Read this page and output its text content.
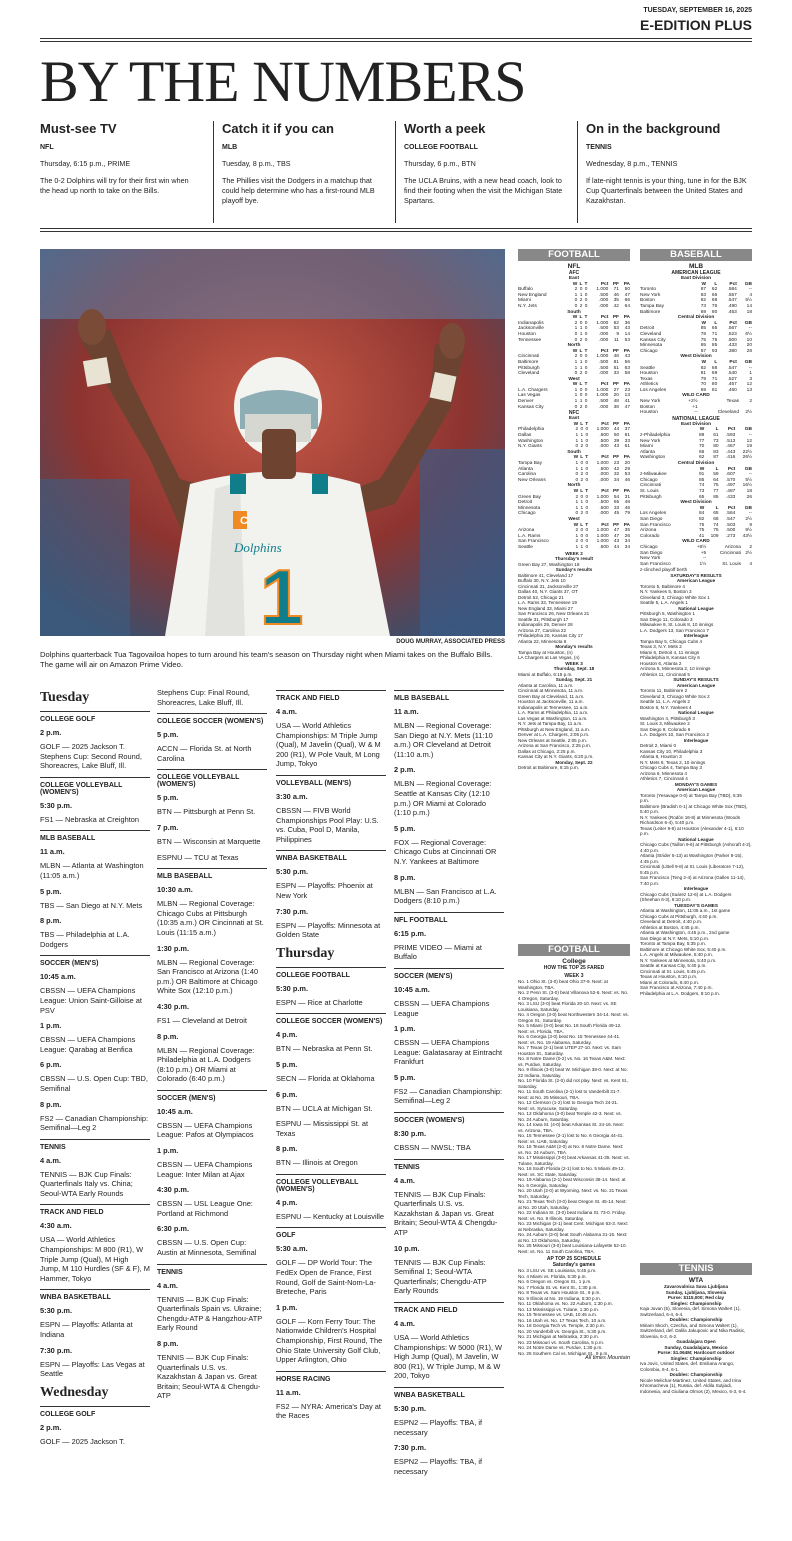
TUESDAY, SEPTEMBER 16, 2025
E-EDITION PLUS
BY THE NUMBERS
Must-see TV
NFL
Thursday, 6:15 p.m., PRIME

The 0-2 Dolphins will try for their first win when the head up north to take on the Bills.

Catch it if you can
MLB
Tuesday, 8 p.m., TBS

The Phillies visit the Dodgers in a matchup that could help determine who has a first-round MLB playoff bye.

Worth a peek
COLLEGE FOOTBALL
Thursday, 6 p.m., BTN

The UCLA Bruins, with a new head coach, look to find their footing when the visit the Michigan State Spartans.

On in the background
TENNIS
Wednesday, 8 p.m., TENNIS

If late-night tennis is your thing, tune in for the BJK Cup Quarterfinals between the United States and Kazakhstan.

C
Dolphins
1
DOUG MURRAY, ASSOCIATED PRESS
Dolphins quarterback Tua Tagovailoa hopes to turn around his team's season on Thursday night when Miami takes on the Buffalo Bills. The game will air on Amazon Prime Video.
Tuesday
COLLEGE GOLF
2 p.m.
GOLF — 2025 Jackson T. Stephens Cup: Second Round, Shoreacres, Lake Bluff, Ill.
COLLEGE VOLLEYBALL (WOMEN'S)
5:30 p.m.
FS1 — Nebraska at Creighton
MLB BASEBALL
11 a.m.
MLBN — Atlanta at Washington (11:05 a.m.)
5 p.m.
TBS — San Diego at N.Y. Mets
8 p.m.
TBS — Philadelphia at L.A. Dodgers
SOCCER (MEN'S)
10:45 a.m.
CBSSN — UEFA Champions League: Union Saint-Gilloise at PSV
1 p.m.
CBSSN — UEFA Champions League: Qarabag at Benfica
6 p.m.
CBSSN — U.S. Open Cup: TBD, Semifinal
8 p.m.
FS2 — Canadian Championship: Semifinal—Leg 2
TENNIS
4 a.m.
TENNIS — BJK Cup Finals: Quarterfinals Italy vs. China; Seoul-WTA Early Rounds
TRACK AND FIELD
4:30 a.m.
USA — World Athletics Championships: M 800 (R1), W Triple Jump (Qual), M High Jump, M 110 Hurdles (SF & F), M Hammer, Tokyo
WNBA BASKETBALL
5:30 p.m.
ESPN — Playoffs: Atlanta at Indiana
7:30 p.m.
ESPN — Playoffs: Las Vegas at Seattle
Wednesday
COLLEGE GOLF
2 p.m.
GOLF — 2025 Jackson T.
Stephens Cup: Final Round, Shoreacres, Lake Bluff, Ill.
COLLEGE SOCCER (WOMEN'S)
5 p.m.
ACCN — Florida St. at North Carolina
COLLEGE VOLLEYBALL (WOMEN'S)
5 p.m.
BTN — Pittsburgh at Penn St.
7 p.m.
BTN — Wisconsin at Marquette
ESPNU — TCU at Texas
MLB BASEBALL
10:30 a.m.
MLBN — Regional Coverage: Chicago Cubs at Pittsburgh (10:35 a.m.) OR Cincinnati at St. Louis (11:15 a.m.)
1:30 p.m.
MLBN — Regional Coverage: San Francisco at Arizona (1:40 p.m.) OR Baltimore at Chicago White Sox (12:10 p.m.)
4:30 p.m.
FS1 — Cleveland at Detroit
8 p.m.
MLBN — Regional Coverage: Philadelphia at L.A. Dodgers (8:10 p.m.) OR Miami at Colorado (6:40 p.m.)
SOCCER (MEN'S)
10:45 a.m.
CBSSN — UEFA Champions League: Pafos at Olympiacos
1 p.m.
CBSSN — UEFA Champions League: Inter Milan at Ajax
4:30 p.m.
CBSSN — USL League One: Portland at Richmond
6:30 p.m.
CBSSN — U.S. Open Cup: Austin at Minnesota, Semifinal
TENNIS
4 a.m.
TENNIS — BJK Cup Finals: Quarterfinals Spain vs. Ukraine; Chengdu-ATP & Hangzhou-ATP Early Round
8 p.m.
TENNIS — BJK Cup Finals: Quarterfinals U.S. vs. Kazakhstan & Japan vs. Great Britain; Seoul-WTA & Chengdu-ATP
TRACK AND FIELD
4 a.m.
USA — World Athletics Championships: M Triple Jump (Qual), M Javelin (Qual), W & M 200 (R1), W Pole Vault, M Long Jump, Tokyo
VOLLEYBALL (MEN'S)
3:30 a.m.
CBSSN — FIVB World Championships Pool Play: U.S. vs. Cuba, Pool D, Manila, Philippines
WNBA BASKETBALL
5:30 p.m.
ESPN — Playoffs: Phoenix at New York
7:30 p.m.
ESPN — Playoffs: Minnesota at Golden State
Thursday
COLLEGE FOOTBALL
5:30 p.m.
ESPN — Rice at Charlotte
COLLEGE SOCCER (WOMEN'S)
4 p.m.
BTN — Nebraska at Penn St.
5 p.m.
SECN — Florida at Oklahoma
6 p.m.
BTN — UCLA at Michigan St.
ESPNU — Mississippi St. at Texas
8 p.m.
BTN — Illinois at Oregon
COLLEGE VOLLEYBALL (WOMEN'S)
4 p.m.
ESPNU — Kentucky at Louisville
GOLF
5:30 a.m.
GOLF — DP World Tour: The FedEx Open de France, First Round, Golf de Saint-Nom-La-Breteche, Paris
1 p.m.
GOLF — Korn Ferry Tour: The Nationwide Children's Hospital Championship, First Round, The Ohio State University Golf Club, Upper Arlington, Ohio
HORSE RACING
11 a.m.
FS2 — NYRA: America's Day at the Races
MLB BASEBALL
11 a.m.
MLBN — Regional Coverage: San Diego at N.Y. Mets (11:10 a.m.) OR Cleveland at Detroit (11:10 a.m.)
2 p.m.
MLBN — Regional Coverage: Seattle at Kansas City (12:10 p.m.) OR Miami at Colorado (1:10 p.m.)
5 p.m.
FOX — Regional Coverage: Chicago Cubs at Cincinnati OR N.Y. Yankees at Baltimore
8 p.m.
MLBN — San Francisco at L.A. Dodgers (8:10 p.m.)
NFL FOOTBALL
6:15 p.m.
PRIME VIDEO — Miami at Buffalo
SOCCER (MEN'S)
10:45 a.m.
CBSSN — UEFA Champions League
1 p.m.
CBSSN — UEFA Champions League: Galatasaray at Eintracht Frankfurt
5 p.m.
FS2 — Canadian Championship: Semifinal—Leg 2
SOCCER (WOMEN'S)
8:30 p.m.
CBSSN — NWSL: TBA
TENNIS
4 a.m.
TENNIS — BJK Cup Finals: Quarterfinals U.S. vs. Kazakhstan & Japan vs. Great Britain; Seoul-WTA & Chengdu-ATP
10 p.m.
TENNIS — BJK Cup Finals: Semifinal 1; Seoul-WTA Quarterfinals; Chengdu-ATP Early Rounds
TRACK AND FIELD
4 a.m.
USA — World Athletics Championships: W 5000 (R1), W High Jump (Qual), M Javelin, W 800 (R1), W Triple Jump, M & W 200, Tokyo
WNBA BASKETBALL
5:30 p.m.
ESPN2 — Playoffs: TBA, if necessary
7:30 p.m.
ESPN2 — Playoffs: TBA, if necessary
FOOTBALL
NFL
AFC
East						
	W	L	T	Pct	PF	PA
Buffalo	2	0	0	1.000	71	50
New England	1	1	0	.500	46	47
Miami	0	2	0	.000	35	66
N.Y. Jets	0	2	0	.000	42	64
South						
	W	L	T	Pct	PF	PA
Indianapolis	2	0	0	1.000	62	36
Jacksonville	1	1	0	.500	53	43
Houston	0	1	0	.000	9	14
Tennessee	0	2	0	.000	11	53
North						
	W	L	T	Pct	PF	PA
Cincinnati	2	0	0	1.000	48	43
Baltimore	1	1	0	.500	81	56
Pittsburgh	1	1	0	.500	51	63
Cleveland	0	2	0	.000	33	58
West						
	W	L	T	Pct	PF	PA
L.A. Chargers	1	0	0	1.000	27	23
Las Vegas	1	0	0	1.000	20	13
Denver	1	1	0	.500	48	41
Kansas City	0	2	0	.000	38	47
NFC
East						
	W	L	T	Pct	PF	PA
Philadelphia	2	0	0	1.000	44	37
Dallas	1	1	0	.500	60	61
Washington	1	1	0	.500	39	33
N.Y. Giants	0	2	0	.000	43	61
South						
	W	L	T	Pct	PF	PA
Tampa Bay	1	0	0	1.000	23	20
Atlanta	1	1	0	.500	42	29
Carolina	0	2	0	.000	32	53
New Orleans	0	2	0	.000	34	46
North						
	W	L	T	Pct	PF	PA
Green Bay	2	0	0	1.000	54	31
Detroit	1	1	0	.500	65	48
Minnesota	1	1	0	.500	33	46
Chicago	0	2	0	.000	45	79
West						
	W	L	T	Pct	PF	PA
Arizona	2	0	0	1.000	47	35
L.A. Rams	1	0	0	1.000	47	26
San Francisco	2	0	0	1.000	43	34
Seattle	1	1	0	.500	44	34
WEEK 2
Thursday's result
Green Bay 27, Washington 18
Sunday's results
Baltimore 41, Cleveland 17
Buffalo 30, N.Y. Jets 10
Cincinnati 31, Jacksonville 27
Dallas 40, N.Y. Giants 37, OT
Detroit 52, Chicago 21
L.A. Rams 33, Tennessee 19
New England 33, Miami 27
San Francisco 26, New Orleans 21
Seattle 31, Pittsburgh 17
Indianapolis 29, Denver 28
Arizona 27, Carolina 22
Philadelphia 20, Kansas City 17
Atlanta 22, Minnesota 6
Monday's results
Tampa Bay at Houston, (n)
LA Chargers at Las Vegas, (n)
WEEK 3
Thursday, Sept. 18
Miami at Buffalo, 6:15 p.m.
Sunday, Sept. 21
Atlanta at Carolina, 11 a.m.
Cincinnati at Minnesota, 11 a.m.
Green Bay at Cleveland, 11 a.m.
Houston at Jacksonville, 11 a.m.
Indianapolis at Tennessee, 11 a.m.
L.A. Rams at Philadelphia, 11 a.m.
Las Vegas at Washington, 11 a.m.
N.Y. Jets at Tampa Bay, 11 a.m.
Pittsburgh at New England, 11 a.m.
Denver at L.A. Chargers, 2:05 p.m.
New Orleans at Seattle, 2:05 p.m.
Arizona at San Francisco, 2:25 p.m.
Dallas at Chicago, 2:25 p.m.
Kansas City at N.Y. Giants, 6:20 p.m.
Monday, Sept. 22
Detroit at Baltimore, 6:15 p.m.
FOOTBALL
College
HOW THE TOP 25 FARED
WEEK 3
No. 1 Ohio St. (3-0) beat Ohio 37-9. Next: at Washington, TBA.
No. 2 Penn St. (3-0) beat Villanova 52-6. Next: vs. No. 4 Oregon, Saturday.
No. 3 LSU (3-0) beat Florida 20-10. Next: vs. SE Louisiana, Saturday.
No. 4 Oregon (3-0) beat Northwestern 34-14. Next: vs. Oregon St., Saturday.
No. 5 Miami (3-0) beat No. 18 South Florida 49-12. Next: vs. Florida, TBA.
No. 6 Georgia (3-0) beat No. 15 Tennessee 44-41. Next: vs. No. 19 Alabama, Saturday.
No. 7 Texas (2-1) beat UTEP 27-10. Next: vs. Sam Houston St., Saturday.
No. 8 Notre Dame (0-2) vs. No. 16 Texas A&M. Next: vs. Purdue, Saturday.
No. 9 Illinois (3-0) beat W. Michigan 38-0. Next: at No. 22 Indiana, Saturday.
No. 10 Florida St. (2-0) did not play. Next: vs. Kent St., Saturday.
No. 11 South Carolina (2-1) lost to Vanderbilt 31-7. Next: at No. 25 Missouri, TBA.
No. 12 Clemson (1-2) lost to Georgia Tech 24-21. Next: vs. Syracuse, Saturday.
No. 13 Oklahoma (3-0) beat Temple 42-3. Next: vs. No. 24 Auburn, Saturday.
No. 14 Iowa St. (4-0) beat Arkansas St. 24-16. Next: vs. Arizona, TBA.
No. 15 Tennessee (2-1) lost to No. 6 Georgia 44-41. Next: vs. UAB, Saturday.
No. 16 Texas A&M (2-0) at No. 8 Notre Dame. Next: vs. No. 24 Auburn, TBA.
No. 17 Mississippi (3-0) beat Arkansas 41-35. Next: vs. Tulane, Saturday.
No. 18 South Florida (2-1) lost to No. 5 Miami 49-12. Next: vs. SC State, Saturday.
No. 19 Alabama (2-1) beat Wisconsin 38-14. Next: at No. 6 Georgia, Saturday.
No. 20 Utah (2-0) at Wyoming. Next: vs. No. 21 Texas Tech, Saturday.
No. 21 Texas Tech (3-0) beat Oregon St. 45-14. Next: at No. 20 Utah, Saturday.
No. 22 Indiana St. (3-0) beat Indiana St. 73-0. Friday. Next: vs. No. 9 Illinois, Saturday.
No. 23 Michigan (2-1) beat Cent. Michigan 63-3. Next: at Nebraska, Saturday.
No. 24 Auburn (3-0) beat South Alabama 31-15. Next: at No. 13 Oklahoma, Saturday.
No. 25 Missouri (3-0) beat Louisiana-Lafayette 52-10. Next: vs. No. 11 South Carolina, TBA.
AP TOP 25 SCHEDULE
Saturday's games
No. 3 LSU vs. SE Louisiana, 5:45 p.m.
No. 4 Miami vs. Florida, 5:30 p.m.
No. 6 Oregon vs. Oregon St., 1 p.m.
No. 7 Florida St. vs. Kent St., 1:30 p.m.
No. 8 Texas vs. Sam Houston St., 6 p.m.
No. 9 Illinois at No. 19 Indiana, 5:30 p.m.
No. 11 Oklahoma vs. No. 22 Auburn, 1:30 p.m.
No. 13 Mississippi vs. Tulane, 1:30 p.m.
No. 15 Tennessee vs. UAB, 10:45 a.m.
No. 16 Utah vs. No. 17 Texas Tech, 10 a.m.
No. 18 Georgia Tech vs. Temple, 2:30 p.m.
No. 20 Vanderbilt vs. Georgia St., 5:30 p.m.
No. 21 Michigan at Nebraska, 2:30 p.m.
No. 23 Missouri vs. South Carolina, 5 p.m.
No. 24 Notre Dame vs. Purdue, 1:30 p.m.
No. 25 Southern Cal vs. Michigan St., 9 p.m.
All times Mountain
BASEBALL
MLB
AMERICAN LEAGUE
East Division				
	W	L	Pct	GB
Toronto	87	62	.584	--
New York	83	66	.557	4
Boston	82	68	.547	5½
Tampa Bay	73	76	.490	14
Baltimore	69	80	.463	18
Central Division				
	W	L	Pct	GB
Detroit	85	65	.567	--
Cleveland	78	71	.523	6½
Kansas City	75	75	.500	10
Minnesota	65	85	.433	20
Chicago	57	93	.380	28
West Division				
	W	L	Pct	GB
Seattle	82	68	.547	--
Houston	81	69	.540	1
Texas	79	71	.527	3
Athletics	70	80	.467	12
Los Angeles	69	81	.460	13
WILD CARD			
New York	+2½	Texas	2
Boston	+1		
Houston	--	Cleveland	2½
NATIONAL LEAGUE
East Division				
	W	L	Pct	GB
z-Philadelphia	89	61	.593	--
New York	77	73	.513	12
Miami	70	80	.467	19
Atlanta	66	83	.443	22½
Washington	62	87	.416	26½
Central Division				
	W	L	Pct	GB
z-Milwaukee	91	59	.607	--
Chicago	85	64	.570	5½
Cincinnati	74	75	.497	16½
St. Louis	73	77	.487	18
Pittsburgh	65	85	.433	26
West Division				
	W	L	Pct	GB
Los Angeles	84	65	.564	--
San Diego	82	68	.547	2½
San Francisco	75	74	.503	9
Arizona	75	75	.500	9½
Colorado	41	109	.273	43½
WILD CARD			
Chicago	+8½	Arizona	2
San Diego	+5	Cincinnati	2½
New York	--		
San Francisco	1½	St. Louis	4
z-clinched playoff berth
SATURDAY'S RESULTS
American League
Toronto 5, Baltimore 4
N.Y. Yankees 5, Boston 3
Cleveland 3, Chicago White Sox 1
Seattle 5, L.A. Angels 1
National League
Pittsburgh 5, Washington 1
San Diego 11, Colorado 3
Milwaukee 9, St. Louis 8, 10 innings
L.A. Dodgers 13, San Francisco 7
Interleague
Tampa Bay 5, Chicago Cubs 4
Texas 3, N.Y. Mets 2
Miami 6, Detroit 4, 11 innings
Philadelphia 8, Kansas City 6
Houston 6, Atlanta 2
Arizona 5, Minnesota 2, 10 innings
Athletics 11, Cincinnati 5
SUNDAY'S RESULTS
American League
Toronto 11, Baltimore 2
Cleveland 3, Chicago White Sox 2
Seattle 11, L.A. Angels 2
Boston 6, N.Y. Yankees 4
National League
Washington 4, Pittsburgh 3
St. Louis 3, Milwaukee 2
San Diego 9, Colorado 6
L.A. Dodgers 10, San Francisco 2
Interleague
Detroit 2, Miami 0
Kansas City 10, Philadelphia 3
Atlanta 8, Houston 3
N.Y. Mets 6, Texas 2, 10 innings
Chicago Cubs 4, Tampa Bay 3
Arizona 6, Minnesota 4
Athletics 7, Cincinnati 4
MONDAY'S GAMES
American League
Toronto (Yesavage 0-0) at Tampa Bay (TBD), 5:35 p.m.
Baltimore (Bradish 0-1) at Chicago White Sox (TBD), 5:40 p.m.
N.Y. Yankees (Rodón 16-8) at Minnesota (Woods Richardson 6-4), 5:40 p.m.
Texas (Leiter 9-8) at Houston (Alexander 4-1), 6:10 p.m.
National League
Chicago Cubs (Taillon 9-6) at Pittsburgh (Ashcraft 4-2), 4:40 p.m.
Atlanta (Strider 5-13) at Washington (Parker 8-15), 4:45 p.m.
Cincinnati (Littell 9-8) at St. Louis (Liberatore 7-12), 5:45 p.m.
San Francisco (Teng 2-4) at Arizona (Gallen 11-14), 7:40 p.m.
Interleague
Chicago Cubs (Suárez 12-6) at L.A. Dodgers (Sheehan 6-3), 8:10 p.m.
TUESDAY'S GAMES
Atlanta at Washington, 11:05 a.m., 1st game
Chicago Cubs at Pittsburgh, 4:40 p.m.
Cleveland at Detroit, 4:40 p.m.
Athletics at Boston, 4:45 p.m.
Atlanta at Washington, 4:45 p.m., 2nd game
San Diego at N.Y. Mets, 5:10 p.m.
Toronto at Tampa Bay, 5:35 p.m.
Baltimore at Chicago White Sox, 5:40 p.m.
L.A. Angels at Milwaukee, 5:40 p.m.
N.Y. Yankees at Minnesota, 5:40 p.m.
Seattle at Kansas City, 5:40 p.m.
Cincinnati at St. Louis, 5:45 p.m.
Texas at Houston, 6:10 p.m.
Miami at Colorado, 6:40 p.m.
San Francisco at Arizona, 7:40 p.m.
Philadelphia at L.A. Dodgers, 8:10 p.m.
TENNIS
WTA
Zavarovalnica Sava Ljubljana
Sunday, Ljubljana, Slovenia
Purse: $115,000; Red clay
Singles: Championship
Kaja Juvan (5), Slovenia, def. Simona Waltert (1), Switzerland, 6-4, 6-4.
Doubles: Championship
Miriam Skoch, Czechia, and Simona Waltert (1), Switzerland, def. Dalila Jakupovic and Nika Radisic, Slovenia, 6-2, 6-2.
Guadalajara Open
Sunday, Guadalajara, Mexico
Purse: $1.064M; Hardcourt outdoor
Singles: Championship
Iva Jovic, United States, def. Emiliana Arango, Colombia, 6-4, 6-1.
Doubles: Championship
Nicole Melichar-Martinez, United States, and Irina Khromacheva (1), Russia, def. Aldila Sutjiadi, Indonesia, and Giuliana Olmos (2), Mexico, 6-3, 6-4.
